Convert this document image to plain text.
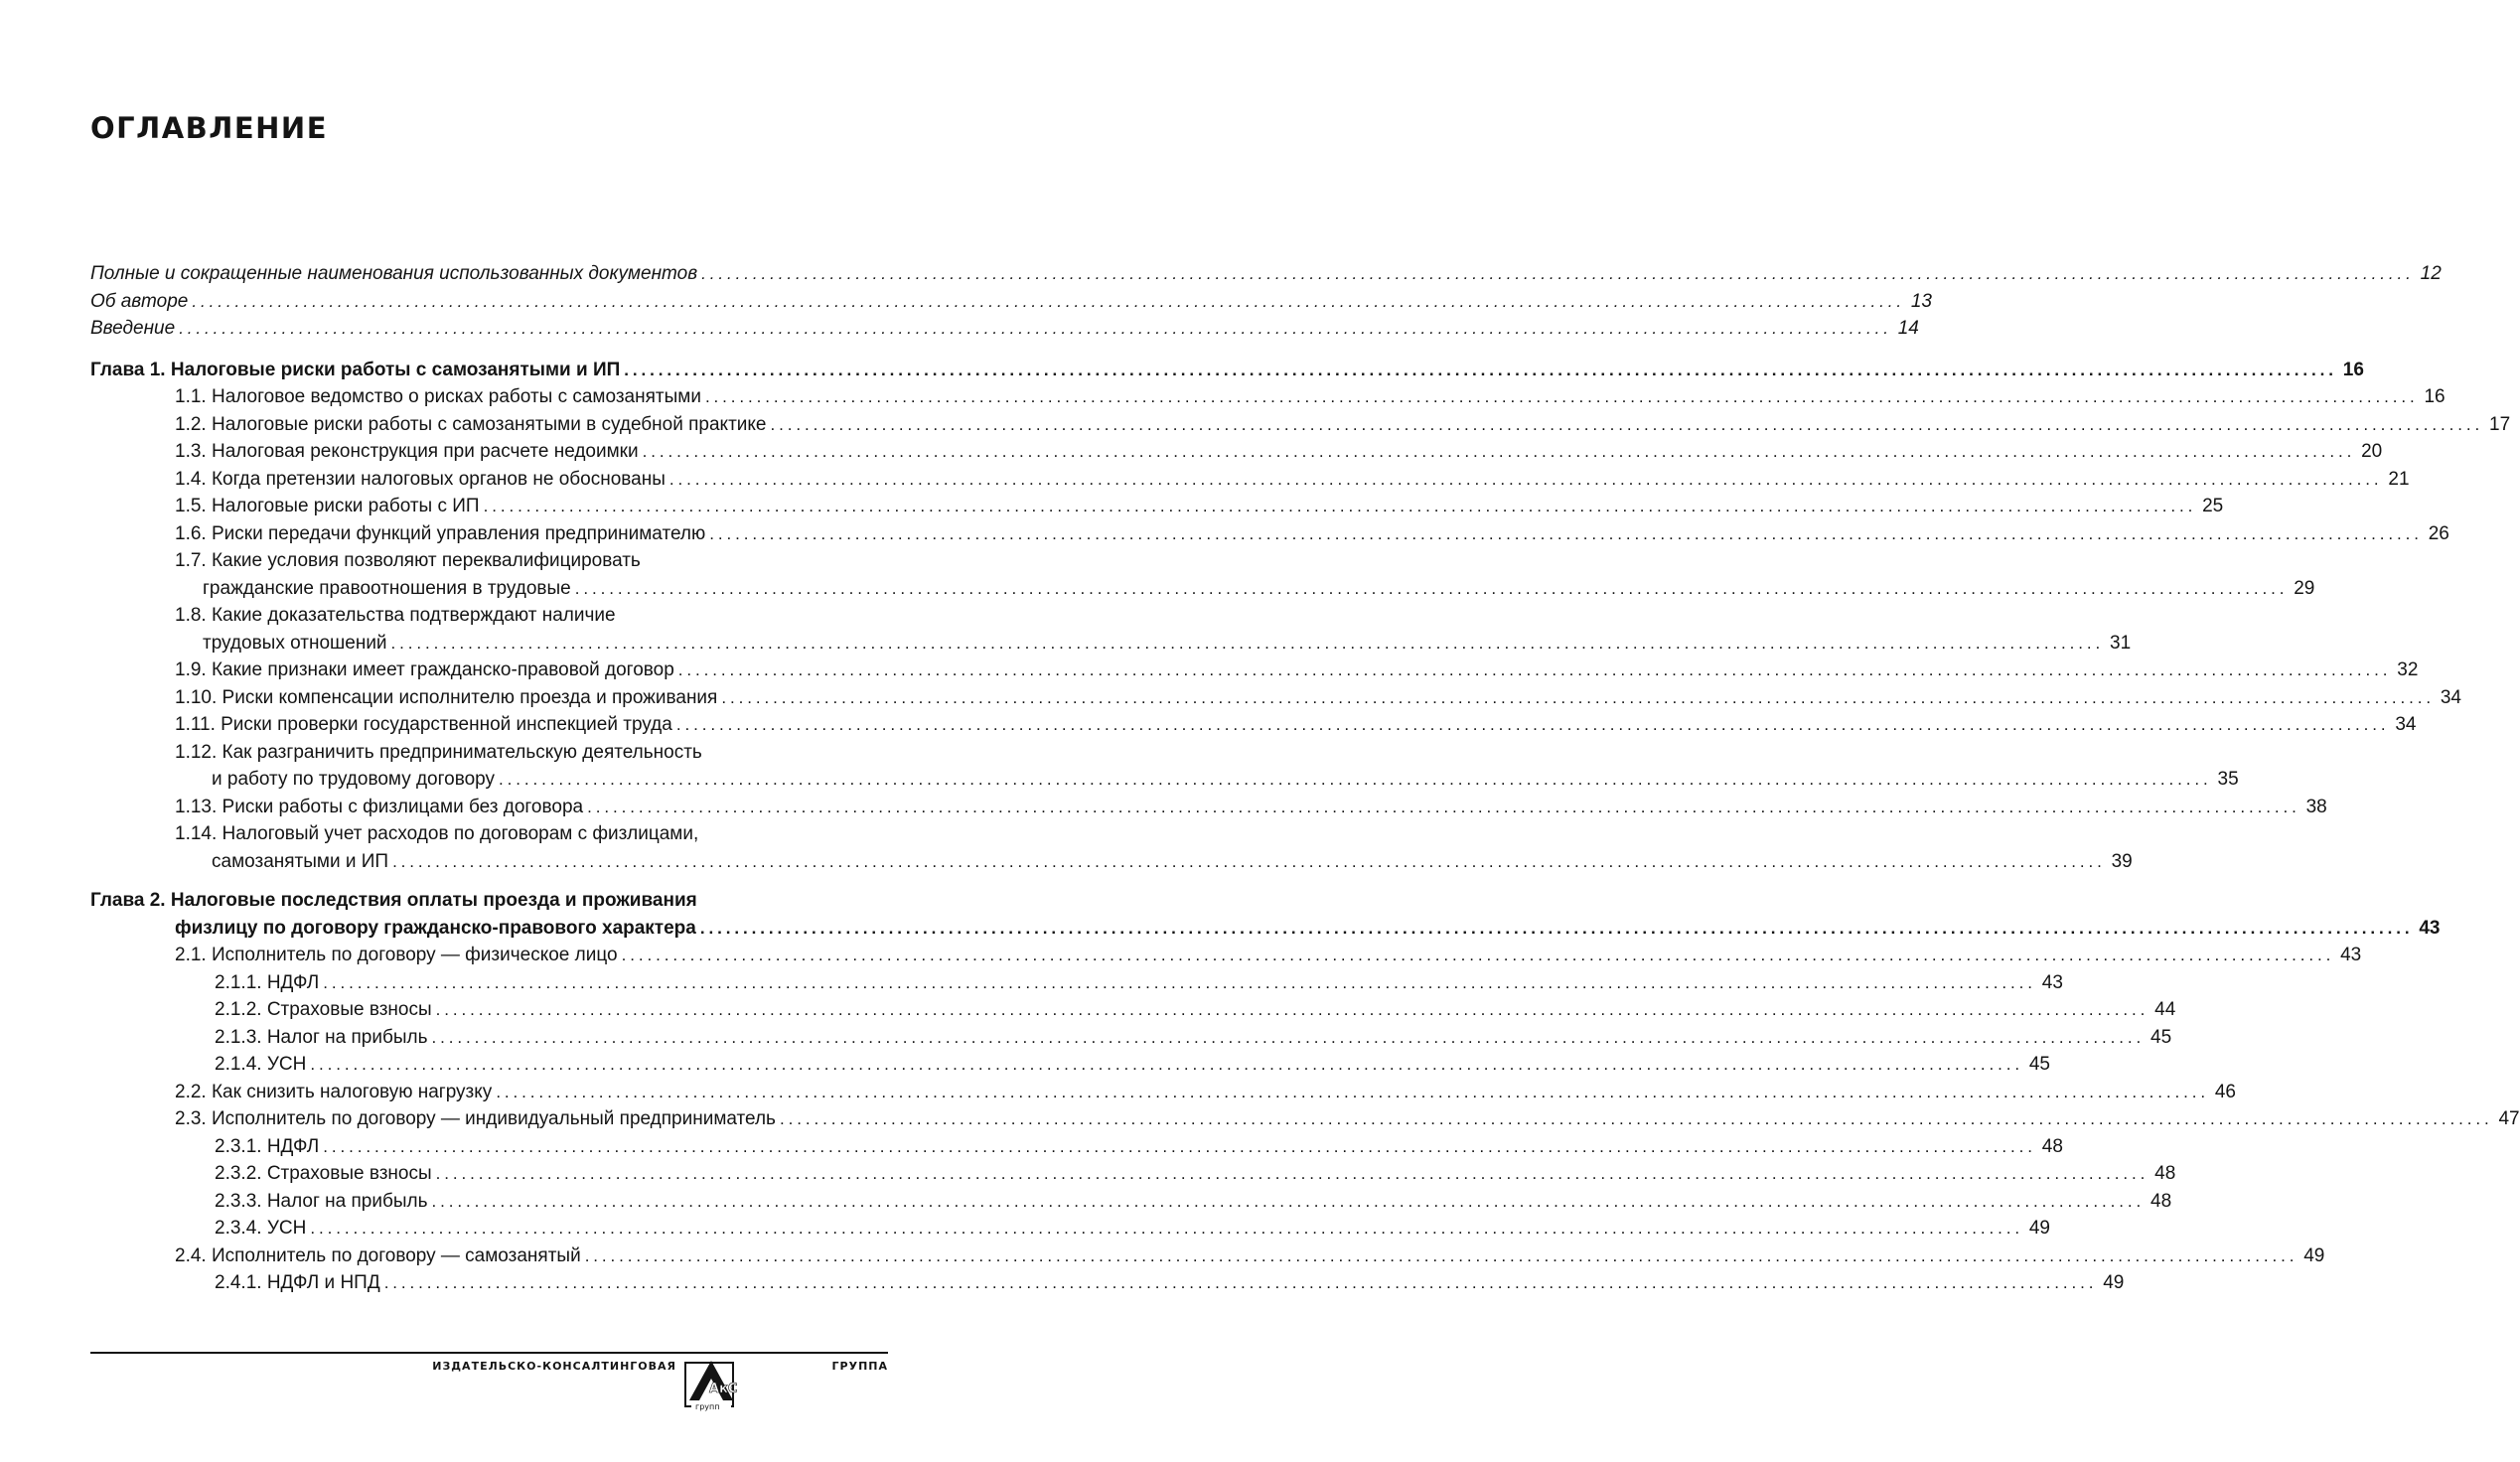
ОГЛАВЛЕНИЕ
Полные и сокращенные наименования использованных документов ........................................................................................................................................................................................................ 12
Об авторе ........................................................................................................................................................................................................ 13
Введение ........................................................................................................................................................................................................ 14
Глава 1. Налоговые риски работы с самозанятыми и ИП ........................................................................................................................................................................................................ 16
1.1. Налоговое ведомство о рисках работы с самозанятыми ........................................................................................................................................................................................................ 16
1.2. Налоговые риски работы с самозанятыми в судебной практике ........................................................................................................................................................................................................ 17
1.3. Налоговая реконструкция при расчете недоимки ........................................................................................................................................................................................................ 20
1.4. Когда претензии налоговых органов не обоснованы ........................................................................................................................................................................................................ 21
1.5. Налоговые риски работы с ИП ........................................................................................................................................................................................................ 25
1.6. Риски передачи функций управления предпринимателю ........................................................................................................................................................................................................ 26
1.7. Какие условия позволяют переквалифицировать
гражданские правоотношения в трудовые ........................................................................................................................................................................................................ 29
1.8. Какие доказательства подтверждают наличие
трудовых отношений ........................................................................................................................................................................................................ 31
1.9. Какие признаки имеет гражданско-правовой договор ........................................................................................................................................................................................................ 32
1.10. Риски компенсации исполнителю проезда и проживания ........................................................................................................................................................................................................ 34
1.11. Риски проверки государственной инспекцией труда ........................................................................................................................................................................................................ 34
1.12. Как разграничить предпринимательскую деятельность
и работу по трудовому договору ........................................................................................................................................................................................................ 35
1.13. Риски работы с физлицами без договора ........................................................................................................................................................................................................ 38
1.14. Налоговый учет расходов по договорам с физлицами,
самозанятыми и ИП ........................................................................................................................................................................................................ 39
Глава 2. Налоговые последствия оплаты проезда и проживания
физлицу по договору гражданско-правового характера ........................................................................................................................................................................................................ 43
2.1. Исполнитель по договору — физическое лицо ........................................................................................................................................................................................................ 43
2.1.1. НДФЛ ........................................................................................................................................................................................................ 43
2.1.2. Страховые взносы ........................................................................................................................................................................................................ 44
2.1.3. Налог на прибыль ........................................................................................................................................................................................................ 45
2.1.4. УСН ........................................................................................................................................................................................................ 45
2.2. Как снизить налоговую нагрузку ........................................................................................................................................................................................................ 46
2.3. Исполнитель по договору — индивидуальный предприниматель ........................................................................................................................................................................................................ 47
2.3.1. НДФЛ ........................................................................................................................................................................................................ 48
2.3.2. Страховые взносы ........................................................................................................................................................................................................ 48
2.3.3. Налог на прибыль ........................................................................................................................................................................................................ 48
2.3.4. УСН ........................................................................................................................................................................................................ 49
2.4. Исполнитель по договору — самозанятый ........................................................................................................................................................................................................ 49
2.4.1. НДФЛ и НПД ........................................................................................................................................................................................................ 49
ИЗДАТЕЛЬСКО-КОНСАЛТИНГОВАЯ
АкС
групп
ГРУППА
